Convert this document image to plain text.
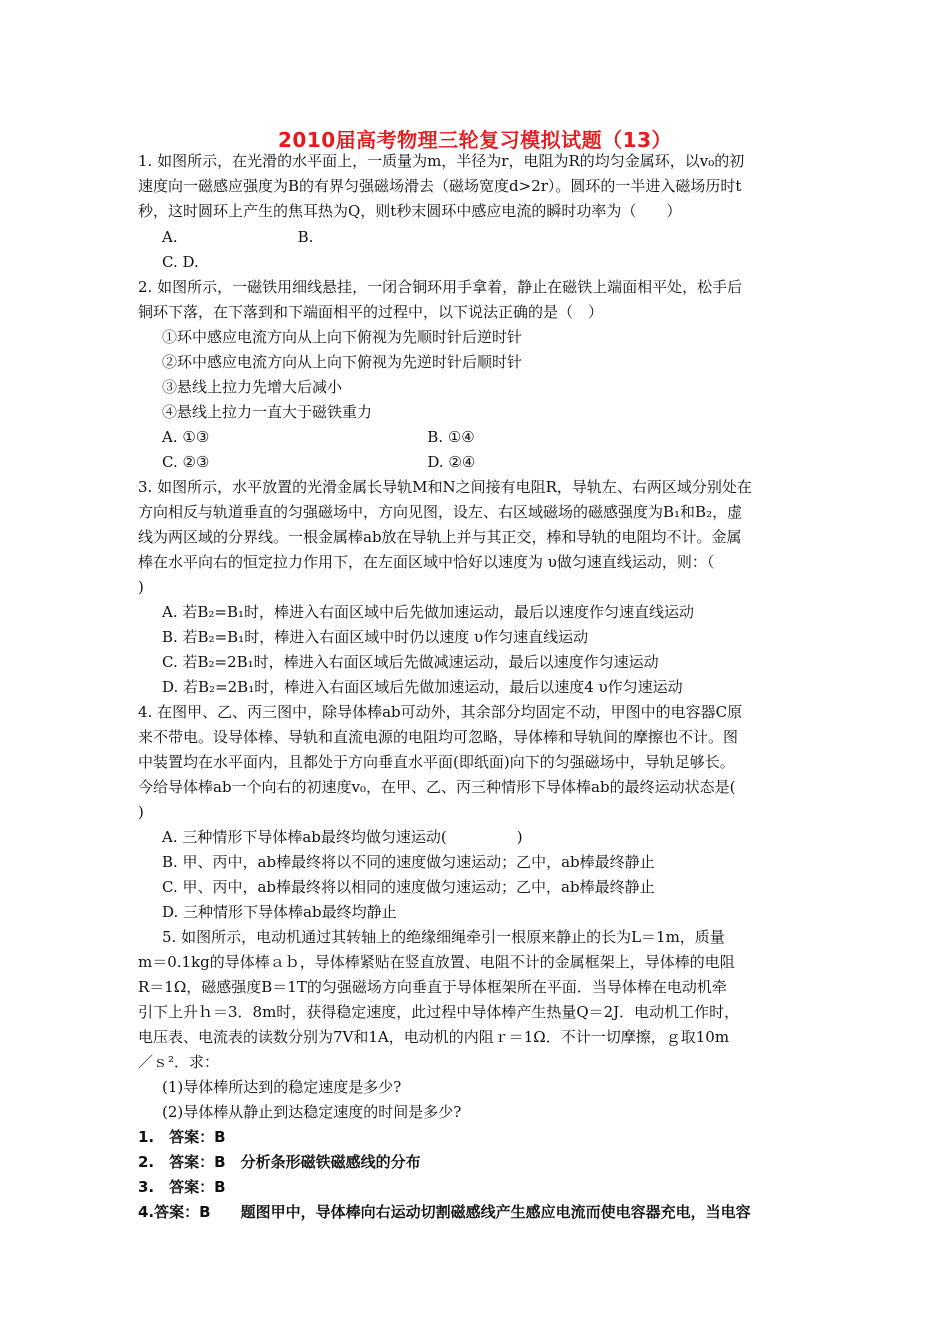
2010届高考物理三轮复习模拟试题（13）
1. 如图所示，在光滑的水平面上，一质量为m，半径为r，电阻为R的均匀金属环，以v₀的初
速度向一磁感应强度为B的有界匀强磁场滑去（磁场宽度d>2r）。圆环的一半进入磁场历时t
秒，这时圆环上产生的焦耳热为Q，则t秒末圆环中感应电流的瞬时功率为（　　）
A.	B.
C. D.
2. 如图所示，一磁铁用细线悬挂，一闭合铜环用手拿着，静止在磁铁上端面相平处，松手后
铜环下落，在下落到和下端面相平的过程中，以下说法正确的是（　）
①环中感应电流方向从上向下俯视为先顺时针后逆时针
②环中感应电流方向从上向下俯视为先逆时针后顺时针
③悬线上拉力先增大后减小
④悬线上拉力一直大于磁铁重力
A. ①③	B. ①④
C. ②③	D. ②④
3. 如图所示，水平放置的光滑金属长导轨M和N之间接有电阻R，导轨左、右两区域分别处在
方向相反与轨道垂直的匀强磁场中，方向见图，设左、右区域磁场的磁感强度为B₁和B₂，虚
线为两区域的分界线。一根金属棒ab放在导轨上并与其正交，棒和导轨的电阻均不计。金属
棒在水平向右的恒定拉力作用下，在左面区域中恰好以速度为 υ做匀速直线运动，则：（
)
A. 若B₂=B₁时，棒进入右面区域中后先做加速运动，最后以速度作匀速直线运动
B. 若B₂=B₁时，棒进入右面区域中时仍以速度 υ作匀速直线运动
C. 若B₂=2B₁时，棒进入右面区域后先做减速运动，最后以速度作匀速运动
D. 若B₂=2B₁时，棒进入右面区域后先做加速运动，最后以速度4 υ作匀速运动
4. 在图甲、乙、丙三图中，除导体棒ab可动外，其余部分均固定不动，甲图中的电容器C原
来不带电。设导体棒、导轨和直流电源的电阻均可忽略，导体棒和导轨间的摩擦也不计。图
中装置均在水平面内，且都处于方向垂直水平面(即纸面)向下的匀强磁场中，导轨足够长。
今给导体棒ab一个向右的初速度v₀，在甲、乙、丙三种情形下导体棒ab的最终运动状态是(
)
A. 三种情形下导体棒ab最终均做匀速运动(	)
B. 甲、丙中，ab棒最终将以不同的速度做匀速运动；乙中，ab棒最终静止
C. 甲、丙中，ab棒最终将以相同的速度做匀速运动；乙中，ab棒最终静止
D. 三种情形下导体棒ab最终均静止
5. 如图所示，电动机通过其转轴上的绝缘细绳牵引一根原来静止的长为L＝1m，质量
m＝0.1kg的导体棒ａｂ，导体棒紧贴在竖直放置、电阻不计的金属框架上，导体棒的电阻
R＝1Ω，磁感强度B＝1T的匀强磁场方向垂直于导体框架所在平面．当导体棒在电动机牵
引下上升ｈ＝3．8m时，获得稳定速度，此过程中导体棒产生热量Q＝2J．电动机工作时，
电压表、电流表的读数分别为7V和1A，电动机的内阻ｒ＝1Ω．不计一切摩擦，ｇ取10m
／ｓ²．求：
(1)导体棒所达到的稳定速度是多少?
(2)导体棒从静止到达稳定速度的时间是多少?
1.　答案：B
2.　答案：B　分析条形磁铁磁感线的分布
3.　答案：B
4.答案：B　　题图甲中，导体棒向右运动切割磁感线产生感应电流而使电容器充电，当电容
